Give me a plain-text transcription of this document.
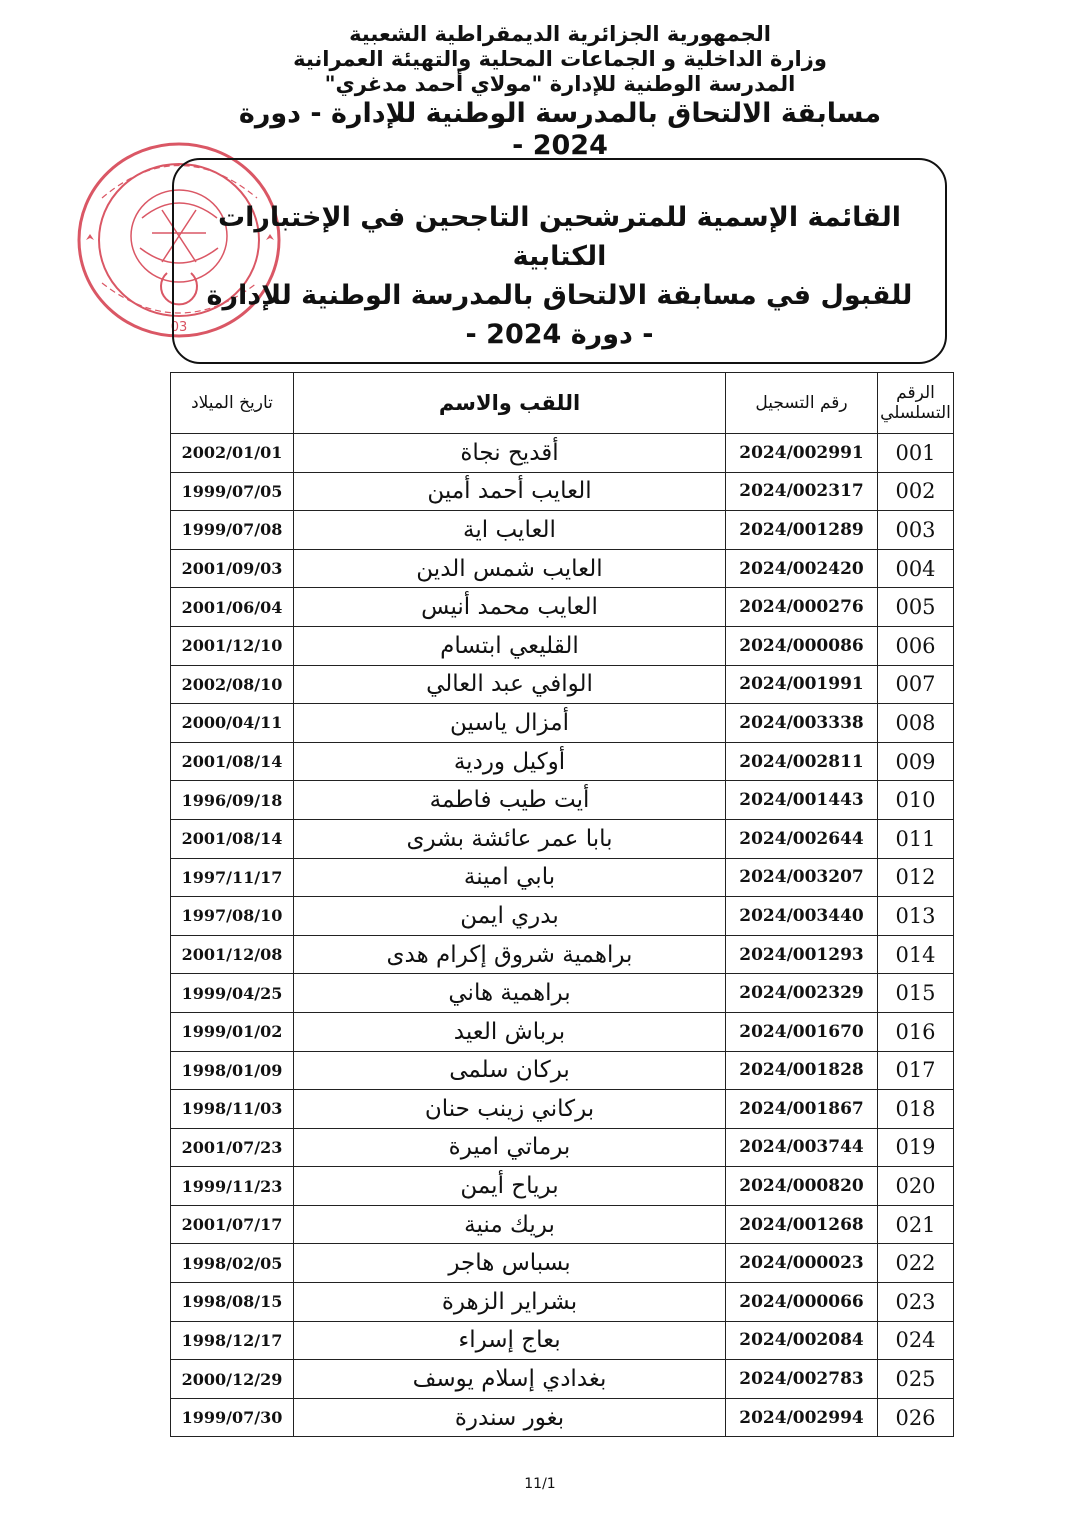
الجمهورية الجزائرية الديمقراطية الشعبية
وزارة الداخلية و الجماعات المحلية والتهيئة العمرانية
المدرسة الوطنية للإدارة "مولاي أحمد مدغري"
مسابقة الالتحاق بالمدرسة الوطنية للإدارة - دورة 2024 -
03
القائمة الإسمية للمترشحين التاجحين في الإختبارات الكتابية
للقبول في مسابقة الالتحاق بالمدرسة الوطنية للإدارة
- دورة 2024 -
الرقم
التسلسلي	رقم التسجيل	اللقب والاسم	تاريخ الميلاد
001	2024/002991	أقديح نجاة	2002/01/01
002	2024/002317	العايب أحمد أمين	1999/07/05
003	2024/001289	العايب اية	1999/07/08
004	2024/002420	العايب شمس الدين	2001/09/03
005	2024/000276	العايب محمد أنيس	2001/06/04
006	2024/000086	القليعي ابتسام	2001/12/10
007	2024/001991	الوافي عبد العالي	2002/08/10
008	2024/003338	أمزال ياسين	2000/04/11
009	2024/002811	أوكيل وردية	2001/08/14
010	2024/001443	أيت طيب فاطمة	1996/09/18
011	2024/002644	بابا عمر عائشة بشرى	2001/08/14
012	2024/003207	بابي امينة	1997/11/17
013	2024/003440	بدري ايمن	1997/08/10
014	2024/001293	براهمية شروق إكرام هدى	2001/12/08
015	2024/002329	براهمية هاني	1999/04/25
016	2024/001670	برباش العيد	1999/01/02
017	2024/001828	بركان سلمى	1998/01/09
018	2024/001867	بركاني زينب حنان	1998/11/03
019	2024/003744	برماتي اميرة	2001/07/23
020	2024/000820	برياح أيمن	1999/11/23
021	2024/001268	بريك منية	2001/07/17
022	2024/000023	بسباس هاجر	1998/02/05
023	2024/000066	بشراير الزهرة	1998/08/15
024	2024/002084	بعاج إسراء	1998/12/17
025	2024/002783	بغدادي إسلام يوسف	2000/12/29
026	2024/002994	بغور سندرة	1999/07/30
11/1
